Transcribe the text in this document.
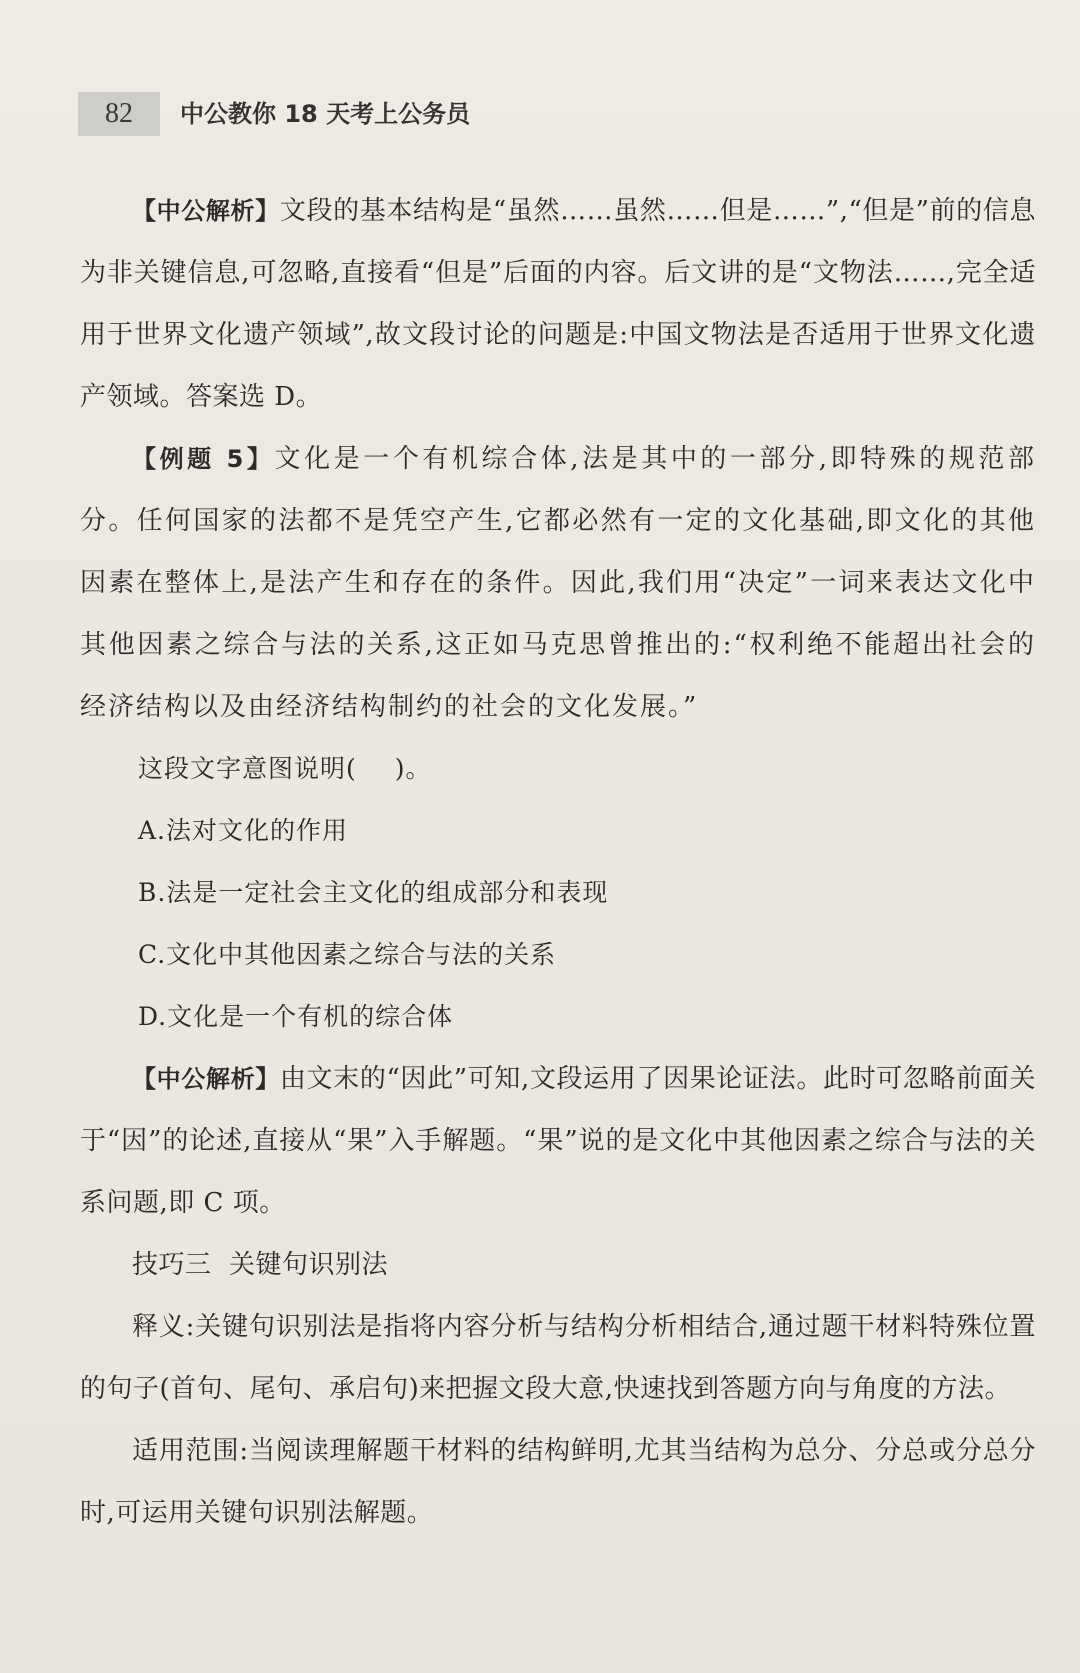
82	中公教你 18 天考上公务员

【中公解析】文段的基本结构是“虽然……虽然……但是……”,“但是”前的信息为非关键信息,可忽略,直接看“但是”后面的内容。后文讲的是“文物法……,完全适用于世界文化遗产领域”,故文段讨论的问题是:中国文物法是否适用于世界文化遗产领域。答案选 D。

【例题 5】文化是一个有机综合体,法是其中的一部分,即特殊的规范部分。任何国家的法都不是凭空产生,它都必然有一定的文化基础,即文化的其他因素在整体上,是法产生和存在的条件。因此,我们用“决定”一词来表达文化中其他因素之综合与法的关系,这正如马克思曾推出的:“权利绝不能超出社会的经济结构以及由经济结构制约的社会的文化发展。”

这段文字意图说明( )。

A.法对文化的作用

B.法是一定社会主文化的组成部分和表现

C.文化中其他因素之综合与法的关系

D.文化是一个有机的综合体

【中公解析】由文末的“因此”可知,文段运用了因果论证法。此时可忽略前面关于“因”的论述,直接从“果”入手解题。“果”说的是文化中其他因素之综合与法的关系问题,即 C 项。

技巧三  关键句识别法

释义:关键句识别法是指将内容分析与结构分析相结合,通过题干材料特殊位置的句子(首句、尾句、承启句)来把握文段大意,快速找到答题方向与角度的方法。

适用范围:当阅读理解题干材料的结构鲜明,尤其当结构为总分、分总或分总分时,可运用关键句识别法解题。
